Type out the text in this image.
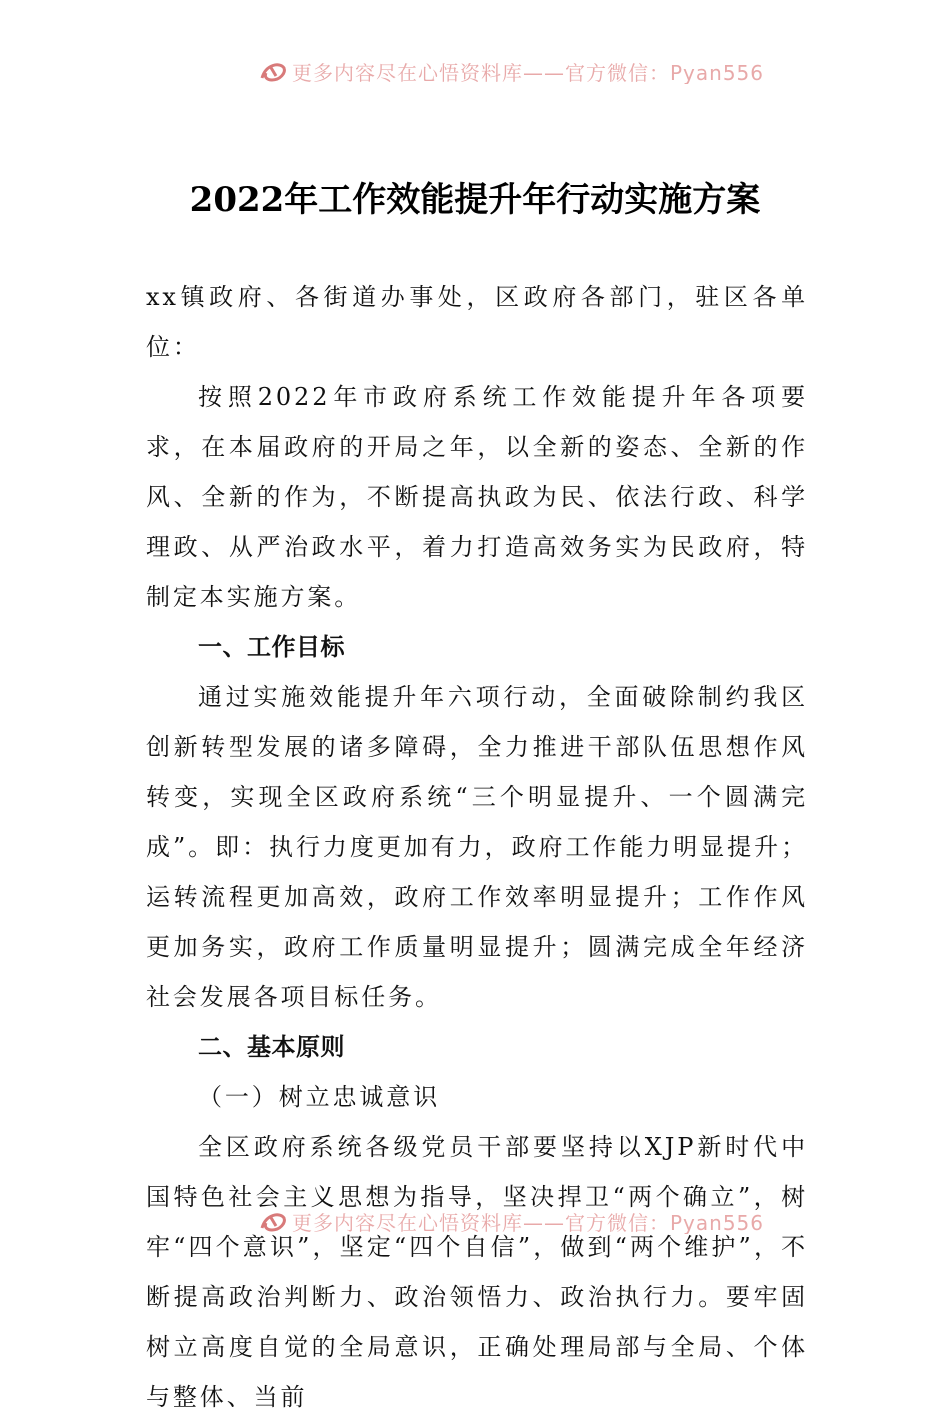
更多内容尽在心悟资料库——官方微信：Pyan556
2022年工作效能提升年行动实施方案

xx镇政府、各街道办事处，区政府各部门，驻区各单位：

按照2022年市政府系统工作效能提升年各项要求，在本届政府的开局之年，以全新的姿态、全新的作风、全新的作为，不断提高执政为民、依法行政、科学理政、从严治政水平，着力打造高效务实为民政府，特制定本实施方案。

一、工作目标

通过实施效能提升年六项行动，全面破除制约我区创新转型发展的诸多障碍，全力推进干部队伍思想作风转变，实现全区政府系统“三个明显提升、一个圆满完成”。即：执行力度更加有力，政府工作能力明显提升；运转流程更加高效，政府工作效率明显提升；工作作风更加务实，政府工作质量明显提升；圆满完成全年经济社会发展各项目标任务。

二、基本原则

（一）树立忠诚意识

全区政府系统各级党员干部要坚持以XJP新时代中国特色社会主义思想为指导，坚决捍卫“两个确立”，树牢“四个意识”，坚定“四个自信”，做到“两个维护”，不断提高政治判断力、政治领悟力、政治执行力。要牢固树立高度自觉的全局意识，正确处理局部与全局、个体与整体、当前

更多内容尽在心悟资料库——官方微信：Pyan556
